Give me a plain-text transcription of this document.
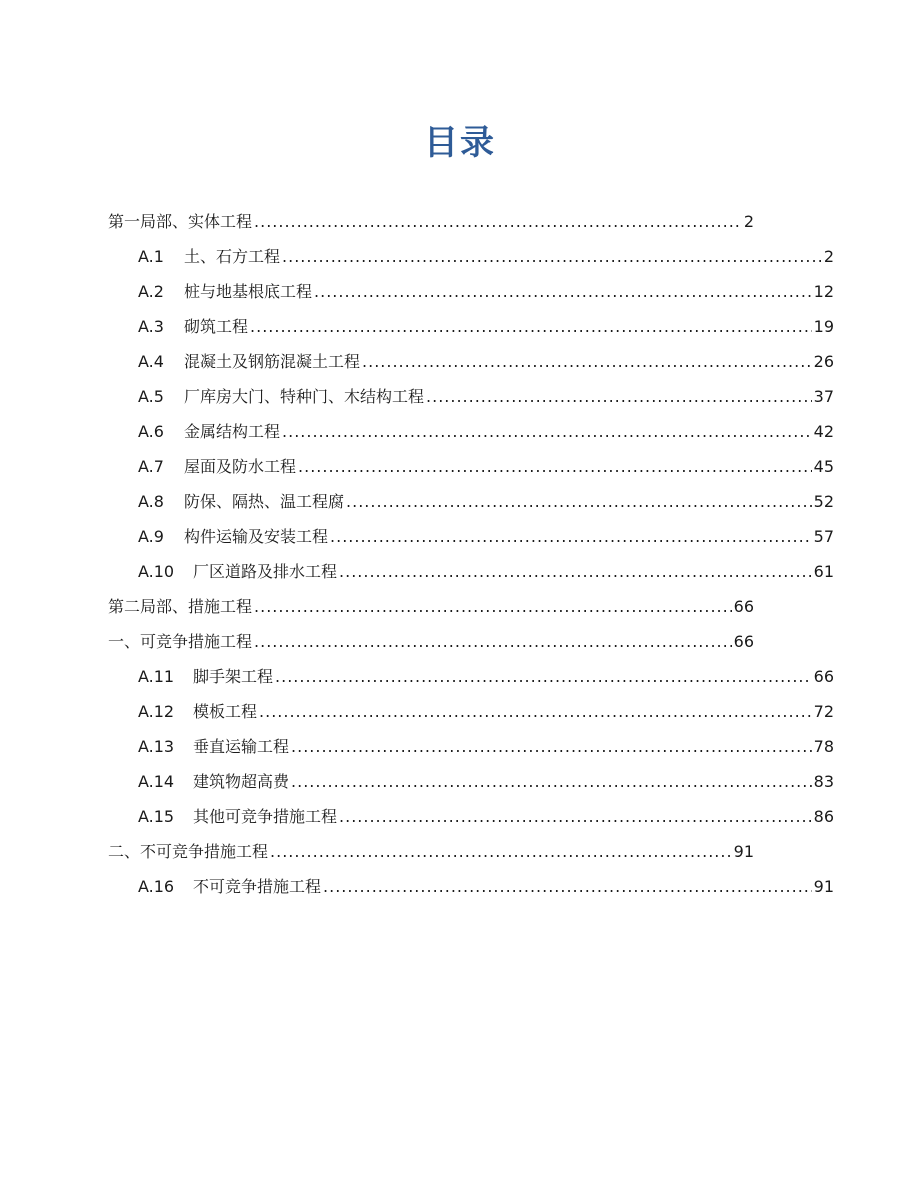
目录
第一局部、实体工程 .....	2
A.1	土、石方工程 .....	2
A.2	桩与地基根底工程 .....	12
A.3	砌筑工程 .....	19
A.4	混凝土及钢筋混凝土工程 .....	26
A.5	厂库房大门、特种门、木结构工程 .....	37
A.6	金属结构工程 .....	42
A.7	屋面及防水工程 .....	45
A.8	防保、隔热、温工程腐 .....	52
A.9	构件运输及安装工程 .....	57
A.10	厂区道路及排水工程 .....	61
第二局部、措施工程 .....	66
一、可竞争措施工程 .....	66
A.11	脚手架工程 .....	66
A.12	模板工程 .....	72
A.13	垂直运输工程 .....	78
A.14	建筑物超高费 .....	83
A.15	其他可竞争措施工程 .....	86
二、不可竞争措施工程 .....	91
A.16	不可竞争措施工程 .....	91
